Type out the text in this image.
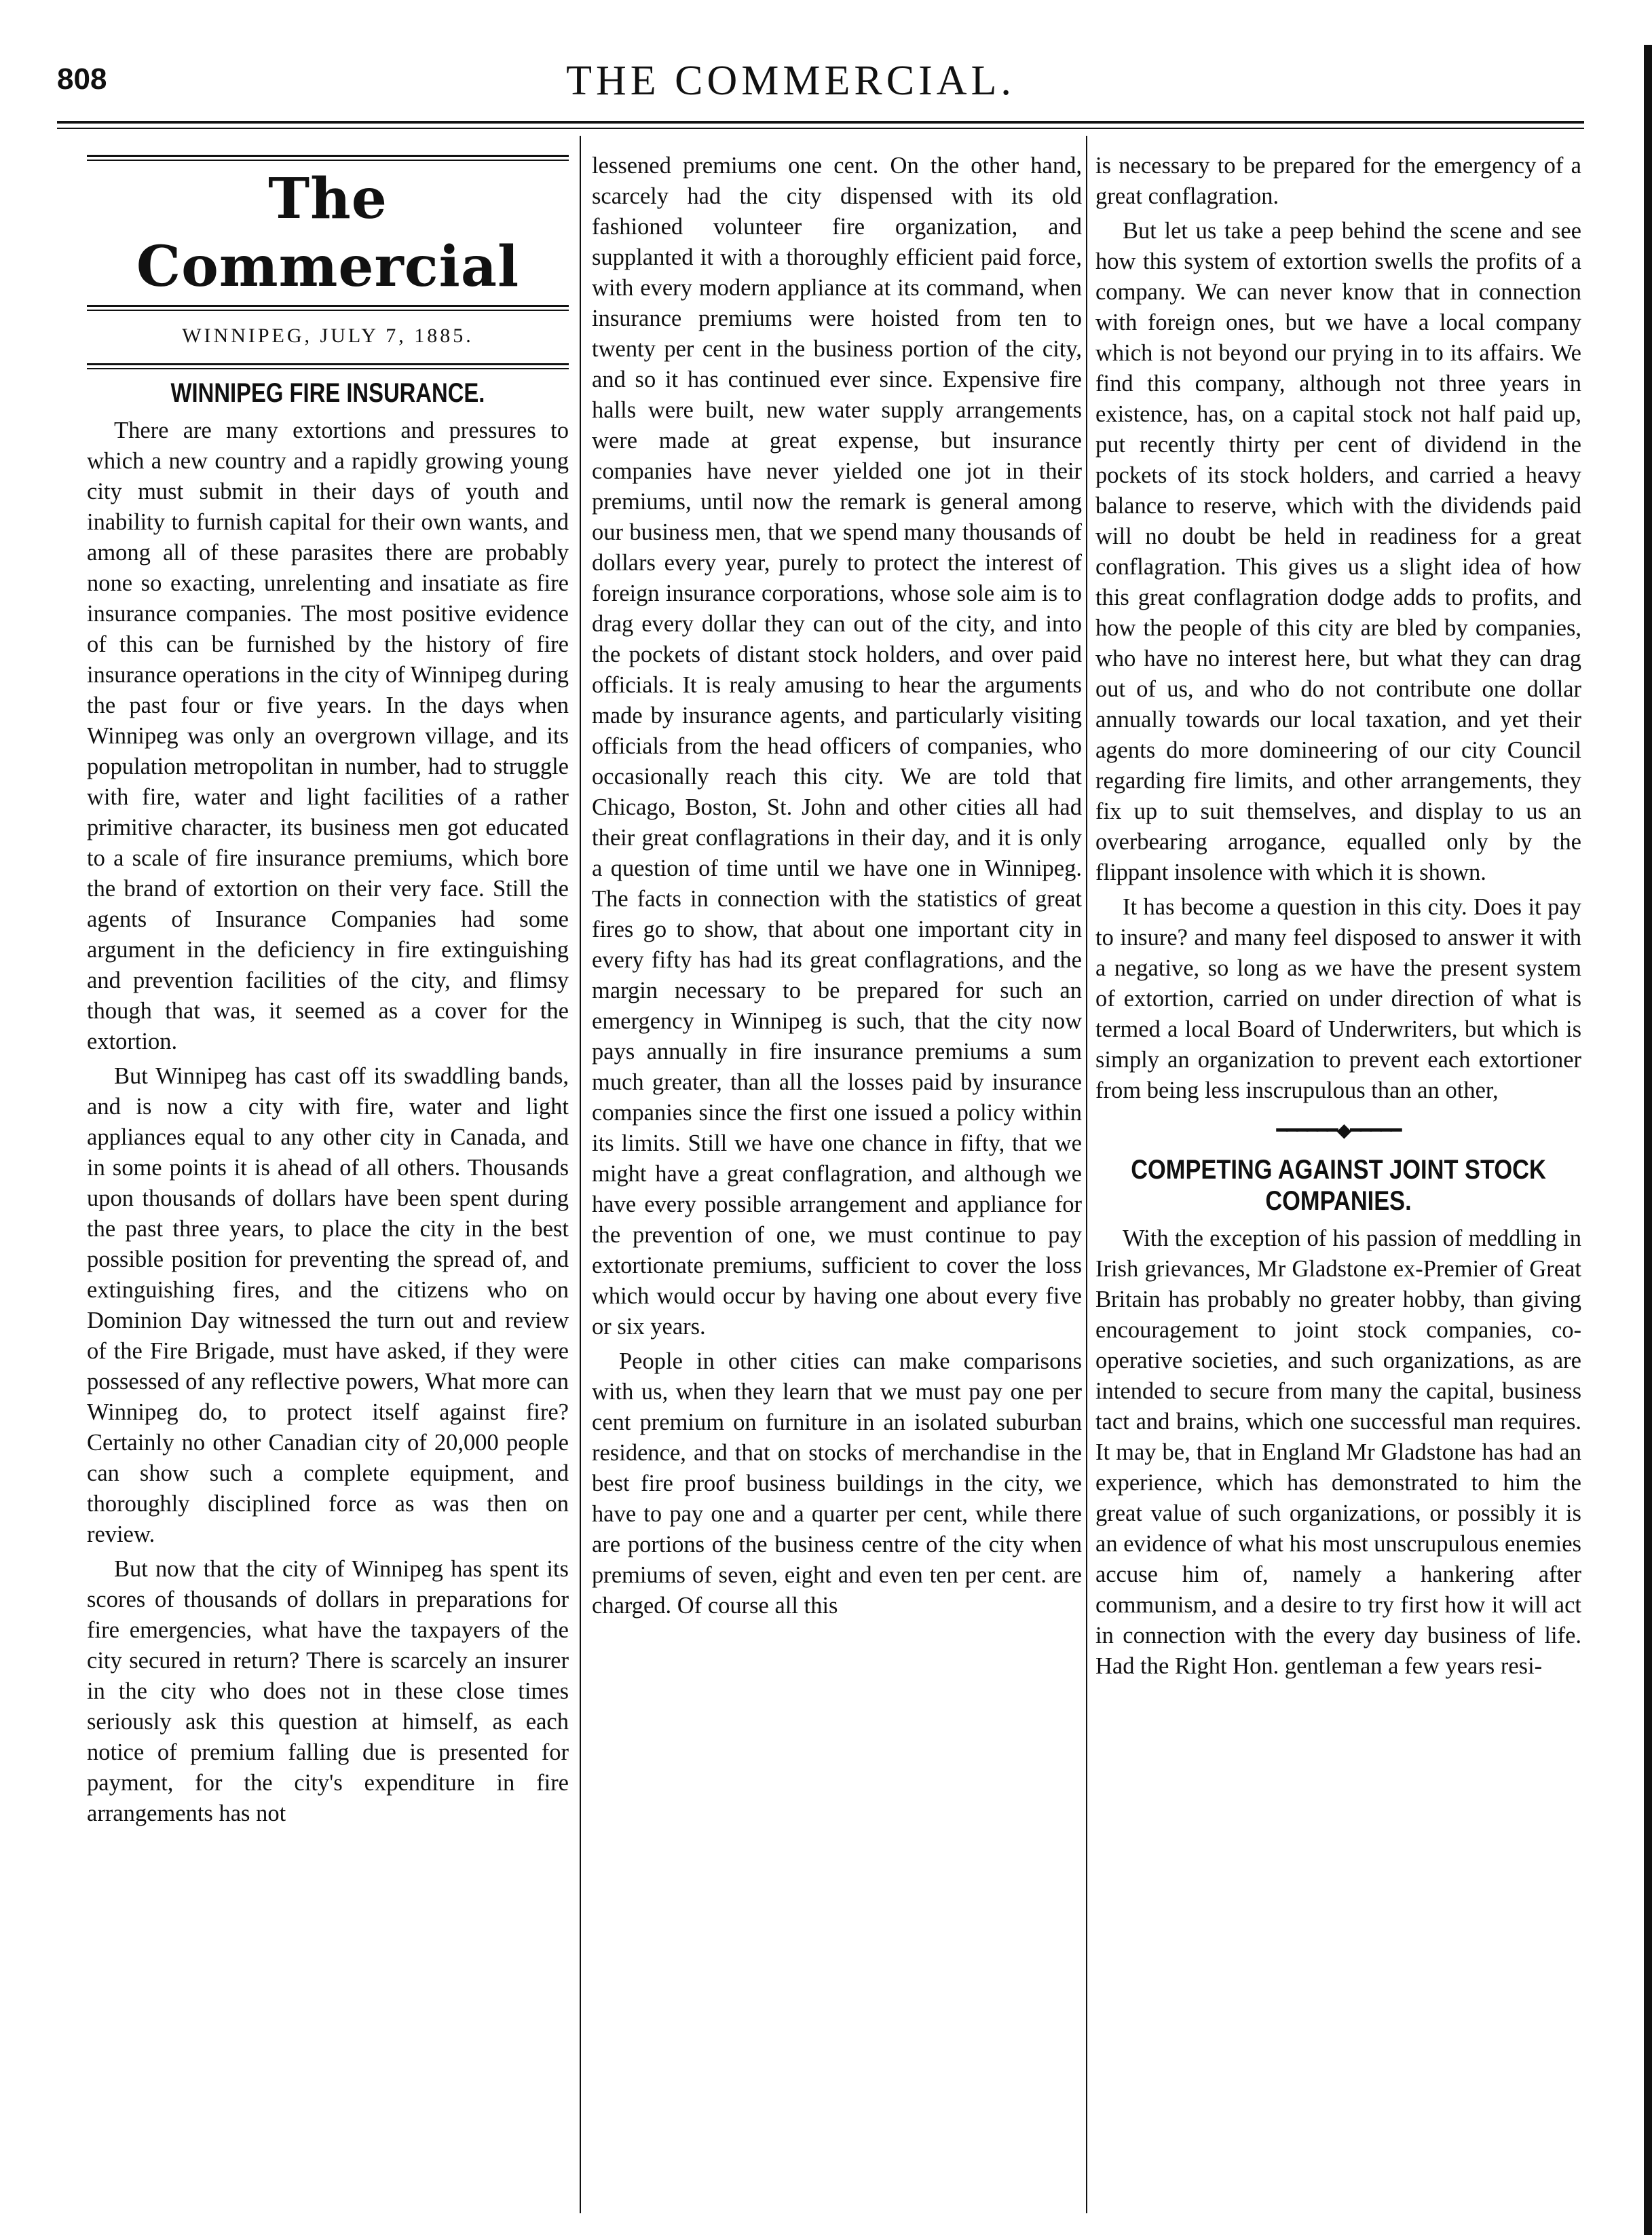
808	THE COMMERCIAL.
The Commercial
WINNIPEG, JULY 7, 1885.
WINNIPEG FIRE INSURANCE.

There are many extortions and pressures to which a new country and a rapidly growing young city must submit in their days of youth and inability to furnish capital for their own wants, and among all of these parasites there are probably none so exacting, unrelenting and insatiate as fire insurance companies. The most positive evidence of this can be furnished by the history of fire insurance operations in the city of Winnipeg during the past four or five years. In the days when Winnipeg was only an overgrown village, and its population metropolitan in number, had to struggle with fire, water and light facilities of a rather primitive character, its business men got educated to a scale of fire insurance premiums, which bore the brand of extortion on their very face. Still the agents of Insurance Companies had some argument in the deficiency in fire extinguishing and prevention facilities of the city, and flimsy though that was, it seemed as a cover for the extortion.

But Winnipeg has cast off its swaddling bands, and is now a city with fire, water and light appliances equal to any other city in Canada, and in some points it is ahead of all others. Thousands upon thousands of dollars have been spent during the past three years, to place the city in the best possible position for preventing the spread of, and extinguishing fires, and the citizens who on Dominion Day witnessed the turn out and review of the Fire Brigade, must have asked, if they were possessed of any reflective powers, What more can Winnipeg do, to protect itself against fire? Certainly no other Canadian city of 20,000 people can show such a complete equipment, and thoroughly disciplined force as was then on review.

But now that the city of Winnipeg has spent its scores of thousands of dollars in preparations for fire emergencies, what have the taxpayers of the city secured in return? There is scarcely an insurer in the city who does not in these close times seriously ask this question at himself, as each notice of premium falling due is presented for payment, for the city's expenditure in fire arrangements has not

lessened premiums one cent. On the other hand, scarcely had the city dispensed with its old fashioned volunteer fire organization, and supplanted it with a thoroughly efficient paid force, with every modern appliance at its command, when insurance premiums were hoisted from ten to twenty per cent in the business portion of the city, and so it has continued ever since. Expensive fire halls were built, new water supply arrangements were made at great expense, but insurance companies have never yielded one jot in their premiums, until now the remark is general among our business men, that we spend many thousands of dollars every year, purely to protect the interest of foreign insurance corporations, whose sole aim is to drag every dollar they can out of the city, and into the pockets of distant stock holders, and over paid officials. It is realy amusing to hear the arguments made by insurance agents, and particularly visiting officials from the head officers of companies, who occasionally reach this city. We are told that Chicago, Boston, St. John and other cities all had their great conflagrations in their day, and it is only a question of time until we have one in Winnipeg. The facts in connection with the statistics of great fires go to show, that about one important city in every fifty has had its great conflagrations, and the margin necessary to be prepared for such an emergency in Winnipeg is such, that the city now pays annually in fire insurance premiums a sum much greater, than all the losses paid by insurance companies since the first one issued a policy within its limits. Still we have one chance in fifty, that we might have a great conflagration, and although we have every possible arrangement and appliance for the prevention of one, we must continue to pay extortionate premiums, sufficient to cover the loss which would occur by having one about every five or six years.

People in other cities can make comparisons with us, when they learn that we must pay one per cent premium on furniture in an isolated suburban residence, and that on stocks of merchandise in the best fire proof business buildings in the city, we have to pay one and a quarter per cent, while there are portions of the business centre of the city when premiums of seven, eight and even ten per cent. are charged. Of course all this

is necessary to be prepared for the emergency of a great conflagration.

But let us take a peep behind the scene and see how this system of extortion swells the profits of a company. We can never know that in connection with foreign ones, but we have a local company which is not beyond our prying in to its affairs. We find this company, although not three years in existence, has, on a capital stock not half paid up, put recently thirty per cent of dividend in the pockets of its stock holders, and carried a heavy balance to reserve, which with the dividends paid will no doubt be held in readiness for a great conflagration. This gives us a slight idea of how this great conflagration dodge adds to profits, and how the people of this city are bled by companies, who have no interest here, but what they can drag out of us, and who do not contribute one dollar annually towards our local taxation, and yet their agents do more domineering of our city Council regarding fire limits, and other arrangements, they fix up to suit themselves, and display to us an overbearing arrogance, equalled only by the flippant insolence with which it is shown.

It has become a question in this city. Does it pay to insure? and many feel disposed to answer it with a negative, so long as we have the present system of extortion, carried on under direction of what is termed a local Board of Underwriters, but which is simply an organization to prevent each extortioner from being less inscrupulous than an other,

━━━━━━◆━━━━━
COMPETING AGAINST JOINT STOCK COMPANIES.

With the exception of his passion of meddling in Irish grievances, Mr Gladstone ex-Premier of Great Britain has probably no greater hobby, than giving encouragement to joint stock companies, co-operative societies, and such organizations, as are intended to secure from many the capital, business tact and brains, which one successful man requires. It may be, that in England Mr Gladstone has had an experience, which has demonstrated to him the great value of such organizations, or possibly it is an evidence of what his most unscrupulous enemies accuse him of, namely a hankering after communism, and a desire to try first how it will act in connection with the every day business of life. Had the Right Hon. gentleman a few years resi-
